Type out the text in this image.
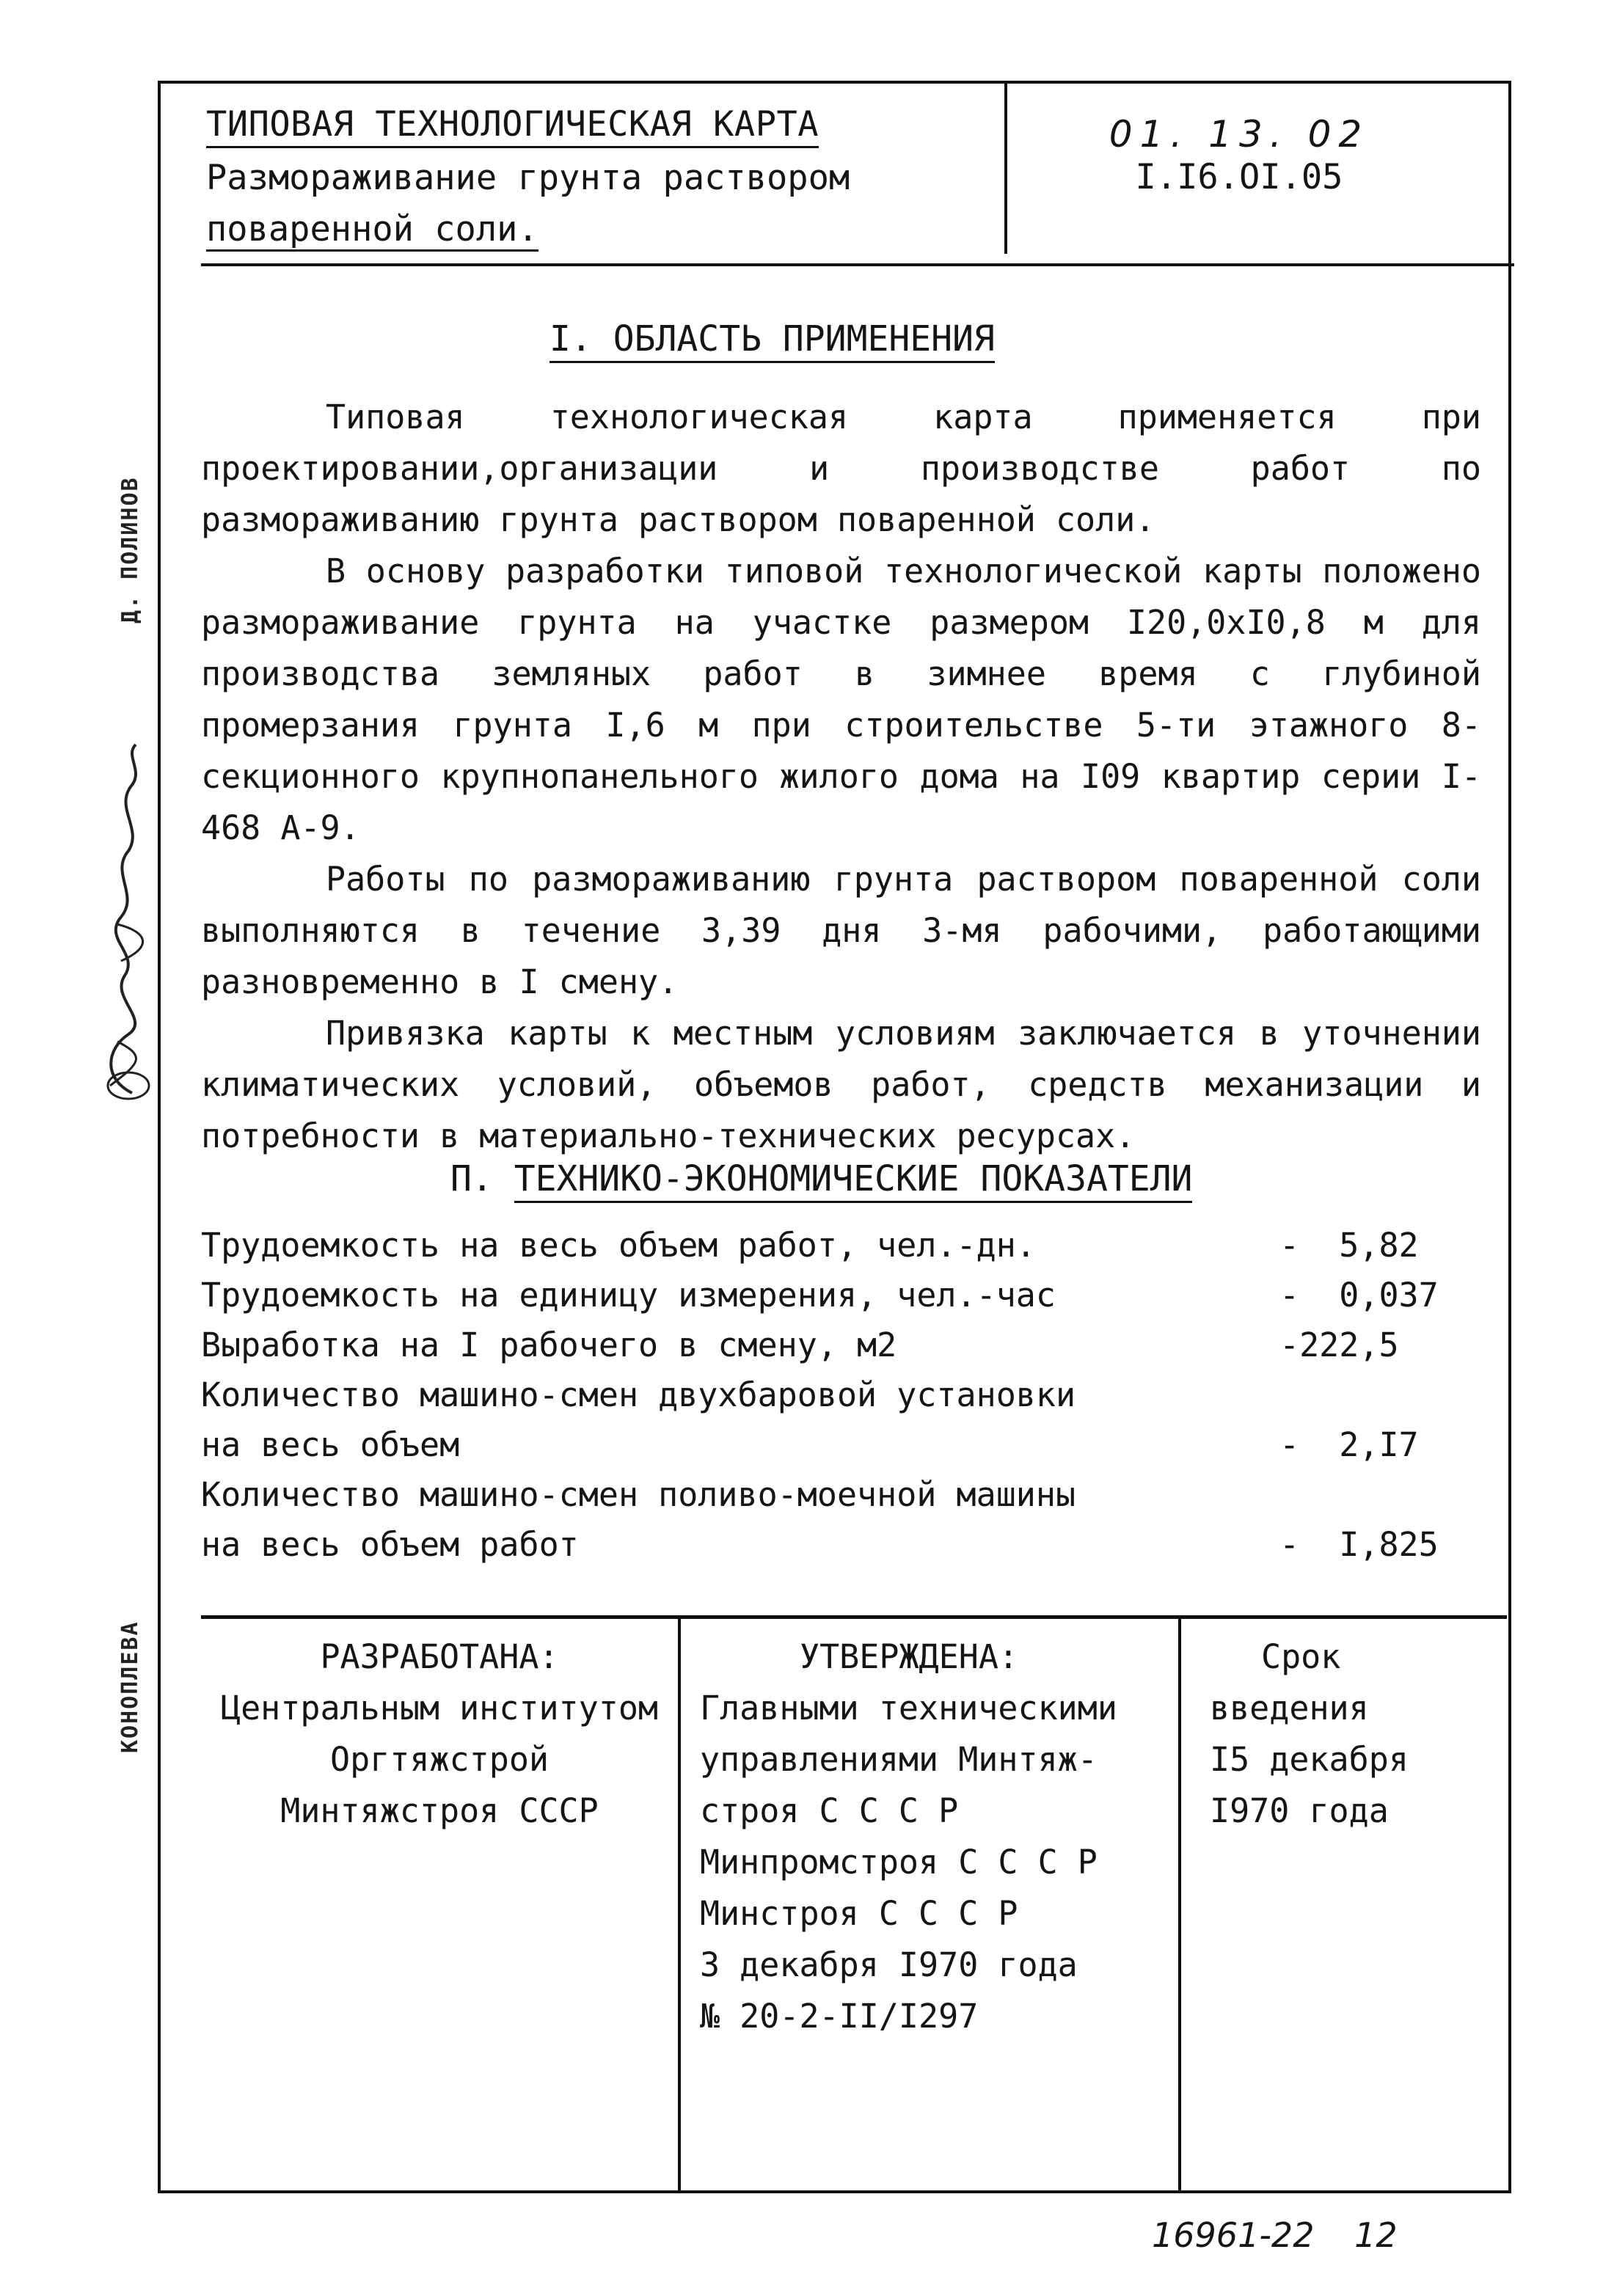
ТИПОВАЯ ТЕХНОЛОГИЧЕСКАЯ КАРТА
Размораживание грунта раствором
поваренной соли.
01. 13. 02
I.I6.OI.05
I. ОБЛАСТЬ ПРИМЕНЕНИЯ

Типовая технологическая карта применяется при проектировании,организации и производстве работ по размораживанию грунта раствором поваренной соли.

В основу разработки типовой технологической карты положено размораживание грунта на участке размером I20,0xI0,8 м для производства земляных работ в зимнее время с глубиной промерзания грунта I,6 м при строительстве 5-ти этажного 8-секционного крупнопанельного жилого дома на I09 квартир серии I-468 А-9.

Работы по размораживанию грунта раствором поваренной соли выполняются в течение 3,39 дня 3-мя рабочими, работающими разновременно в I смену.

Привязка карты к местным условиям заключается в уточнении климатических условий, объемов работ, средств механизации и потребности в материально-технических ресурсах.

П. ТЕХНИКО-ЭКОНОМИЧЕСКИЕ ПОКАЗАТЕЛИ
Трудоемкость на весь объем работ, чел.-дн.	-  5,82
Трудоемкость на единицу измерения, чел.-час	-  0,037
Выработка на I рабочего в смену, м2	-222,5
Количество машино-смен двухбаровой установки
на весь объем	-  2,I7
Количество машино-смен поливо-моечной машины
на весь объем работ	-  I,825
РАЗРАБОТАНА:
Центральным институтом
Оргтяжстрой
Минтяжстроя СССР
УТВЕРЖДЕНА:
Главными техническими
управлениями Минтяж-
строя С С С Р
Минпромстроя С С С Р
Минстроя С С С Р
3 декабря I970 года
№ 20-2-II/I297
Срок
введения
I5 декабря
I970 года
Д. ПОЛИНОВ
КОНОПЛЕВА
16961-22 12
